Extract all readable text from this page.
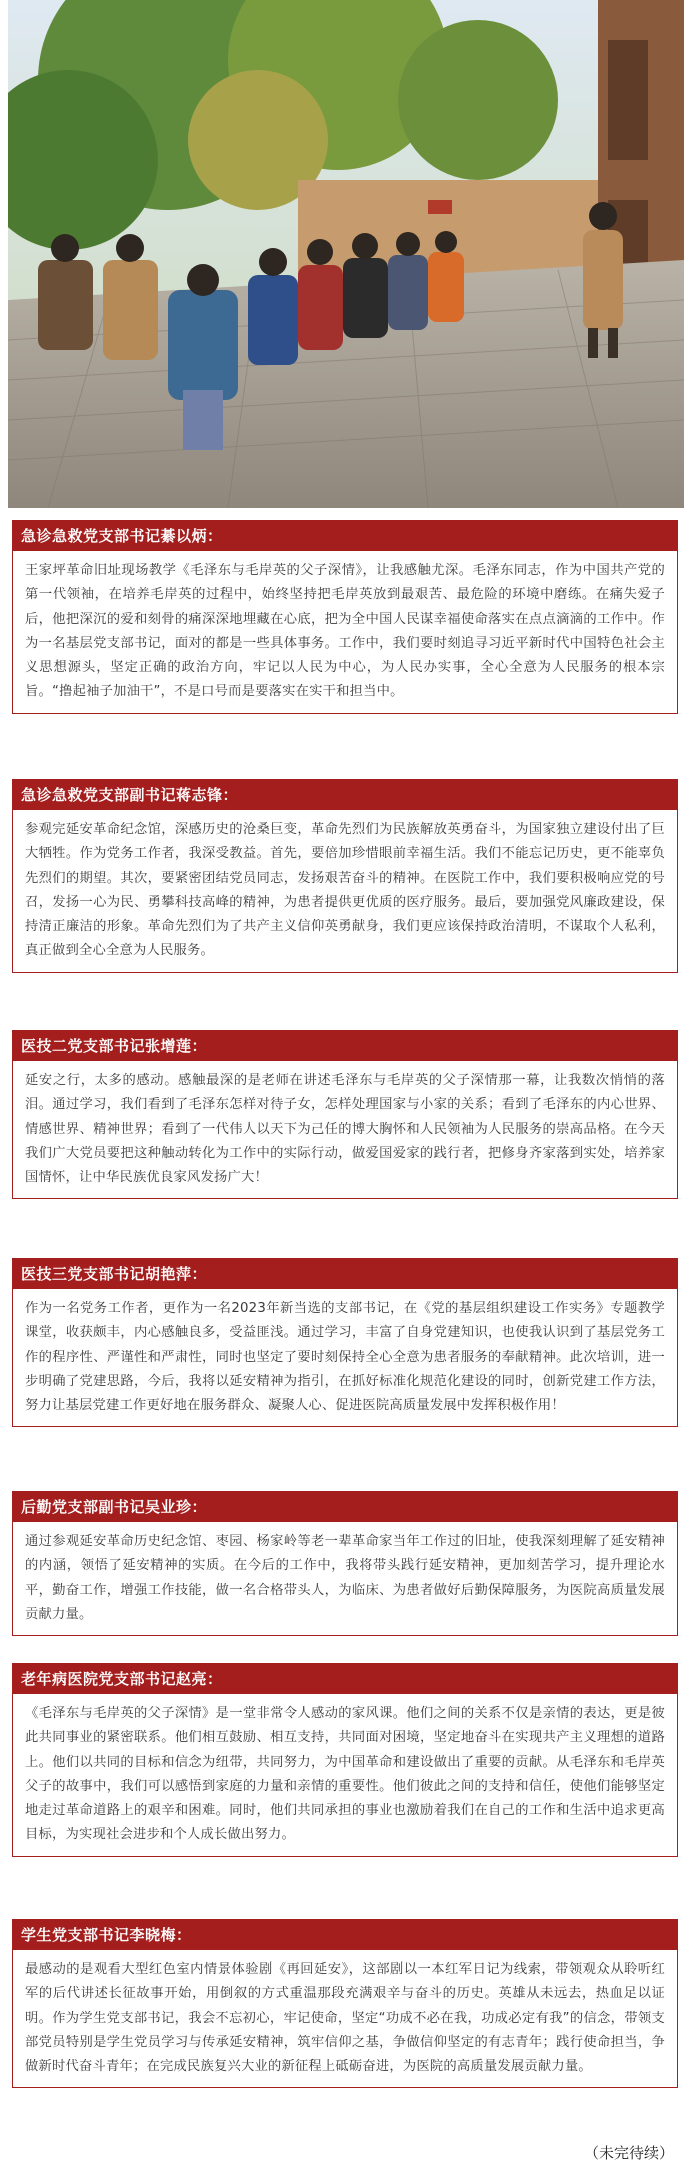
急诊急救党支部书记綦以炳：
王家坪革命旧址现场教学《毛泽东与毛岸英的父子深情》，让我感触尤深。毛泽东同志，作为中国共产党的第一代领袖，在培养毛岸英的过程中，始终坚持把毛岸英放到最艰苦、最危险的环境中磨练。在痛失爱子后，他把深沉的爱和刻骨的痛深深地埋藏在心底，把为全中国人民谋幸福使命落实在点点滴滴的工作中。作为一名基层党支部书记，面对的都是一些具体事务。工作中，我们要时刻追寻习近平新时代中国特色社会主义思想源头，坚定正确的政治方向，牢记以人民为中心，为人民办实事，全心全意为人民服务的根本宗旨。“撸起袖子加油干”，不是口号而是要落实在实干和担当中。
急诊急救党支部副书记蒋志锋：
参观完延安革命纪念馆，深感历史的沧桑巨变，革命先烈们为民族解放英勇奋斗，为国家独立建设付出了巨大牺牲。作为党务工作者，我深受教益。首先，要倍加珍惜眼前幸福生活。我们不能忘记历史，更不能辜负先烈们的期望。其次，要紧密团结党员同志，发扬艰苦奋斗的精神。在医院工作中，我们要积极响应党的号召，发扬一心为民、勇攀科技高峰的精神，为患者提供更优质的医疗服务。最后，要加强党风廉政建设，保持清正廉洁的形象。革命先烈们为了共产主义信仰英勇献身，我们更应该保持政治清明，不谋取个人私利，真正做到全心全意为人民服务。
医技二党支部书记张增莲：
延安之行，太多的感动。感触最深的是老师在讲述毛泽东与毛岸英的父子深情那一幕，让我数次悄悄的落泪。通过学习，我们看到了毛泽东怎样对待子女，怎样处理国家与小家的关系；看到了毛泽东的内心世界、情感世界、精神世界；看到了一代伟人以天下为己任的博大胸怀和人民领袖为人民服务的崇高品格。在今天我们广大党员要把这种触动转化为工作中的实际行动，做爱国爱家的践行者，把修身齐家落到实处，培养家国情怀，让中华民族优良家风发扬广大！
医技三党支部书记胡艳萍：
作为一名党务工作者，更作为一名2023年新当选的支部书记，在《党的基层组织建设工作实务》专题教学课堂，收获颇丰，内心感触良多，受益匪浅。通过学习，丰富了自身党建知识，也使我认识到了基层党务工作的程序性、严谨性和严肃性，同时也坚定了要时刻保持全心全意为患者服务的奉献精神。此次培训，进一步明确了党建思路，今后，我将以延安精神为指引，在抓好标准化规范化建设的同时，创新党建工作方法，努力让基层党建工作更好地在服务群众、凝聚人心、促进医院高质量发展中发挥积极作用！
后勤党支部副书记吴业珍：
通过参观延安革命历史纪念馆、枣园、杨家岭等老一辈革命家当年工作过的旧址，使我深刻理解了延安精神的内涵，领悟了延安精神的实质。在今后的工作中，我将带头践行延安精神，更加刻苦学习，提升理论水平，勤奋工作，增强工作技能，做一名合格带头人，为临床、为患者做好后勤保障服务，为医院高质量发展贡献力量。
老年病医院党支部书记赵亮：
《毛泽东与毛岸英的父子深情》是一堂非常令人感动的家风课。他们之间的关系不仅是亲情的表达，更是彼此共同事业的紧密联系。他们相互鼓励、相互支持，共同面对困境，坚定地奋斗在实现共产主义理想的道路上。他们以共同的目标和信念为纽带，共同努力，为中国革命和建设做出了重要的贡献。从毛泽东和毛岸英父子的故事中，我们可以感悟到家庭的力量和亲情的重要性。他们彼此之间的支持和信任，使他们能够坚定地走过革命道路上的艰辛和困难。同时，他们共同承担的事业也激励着我们在自己的工作和生活中追求更高目标，为实现社会进步和个人成长做出努力。
学生党支部书记李晓梅：
最感动的是观看大型红色室内情景体验剧《再回延安》，这部剧以一本红军日记为线索，带领观众从聆听红军的后代讲述长征故事开始，用倒叙的方式重温那段充满艰辛与奋斗的历史。英雄从未远去，热血足以证明。作为学生党支部书记，我会不忘初心，牢记使命，坚定“功成不必在我，功成必定有我”的信念，带领支部党员特别是学生党员学习与传承延安精神，筑牢信仰之基，争做信仰坚定的有志青年；践行使命担当，争做新时代奋斗青年；在完成民族复兴大业的新征程上砥砺奋进，为医院的高质量发展贡献力量。
（未完待续）
